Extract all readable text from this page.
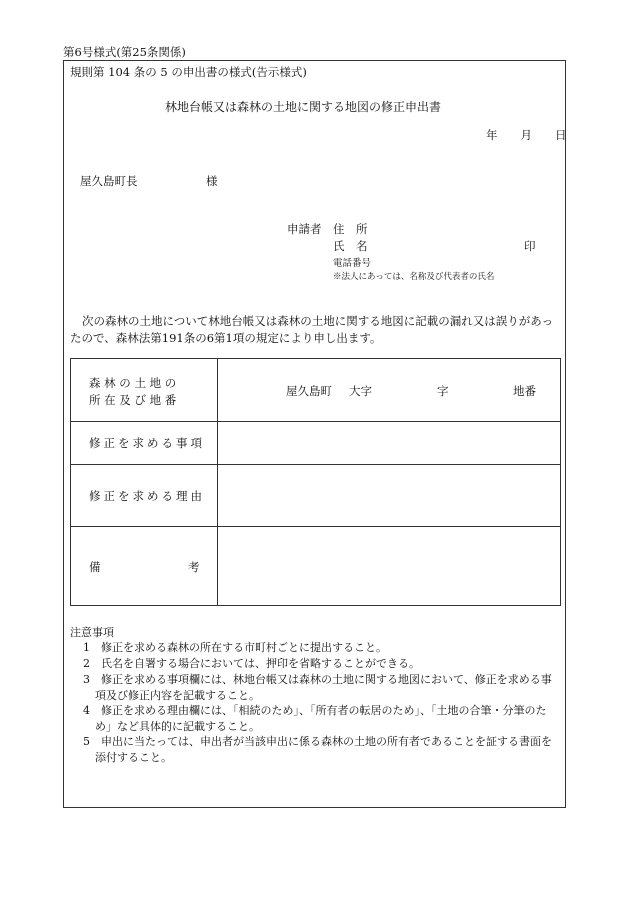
第6号様式(第25条関係)
規則第 104 条の 5 の申出書の様式(告示様式)
林地台帳又は森林の土地に関する地図の修正申出書
年　　月　　日
屋久島町長	様
申請者 住　所
氏　名	印
電話番号
※法人にあっては、名称及び代表者の氏名
次の森林の土地について林地台帳又は森林の土地に関する地図に記載の漏れ又は誤りがあったので、森林法第191条の6第1項の規定により申し出ます。
森 林 の 土 地 の
所 在 及 び 地 番
屋久島町 大字	字	地番
修正を求める事項
修正を求める理由
備	考
注意事項
1　 修正を求める森林の所在する市町村ごとに提出すること。
2　 氏名を自署する場合においては、押印を省略することができる。
3　 修正を求める事項欄には、林地台帳又は森林の土地に関する地図において、修正を求める事項及び修正内容を記載すること。
4　 修正を求める理由欄には、「相続のため」、「所有者の転居のため」、「土地の合筆・分筆のため」など具体的に記載すること。
5　 申出に当たっては、申出者が当該申出に係る森林の土地の所有者であることを証する書面を添付すること。
